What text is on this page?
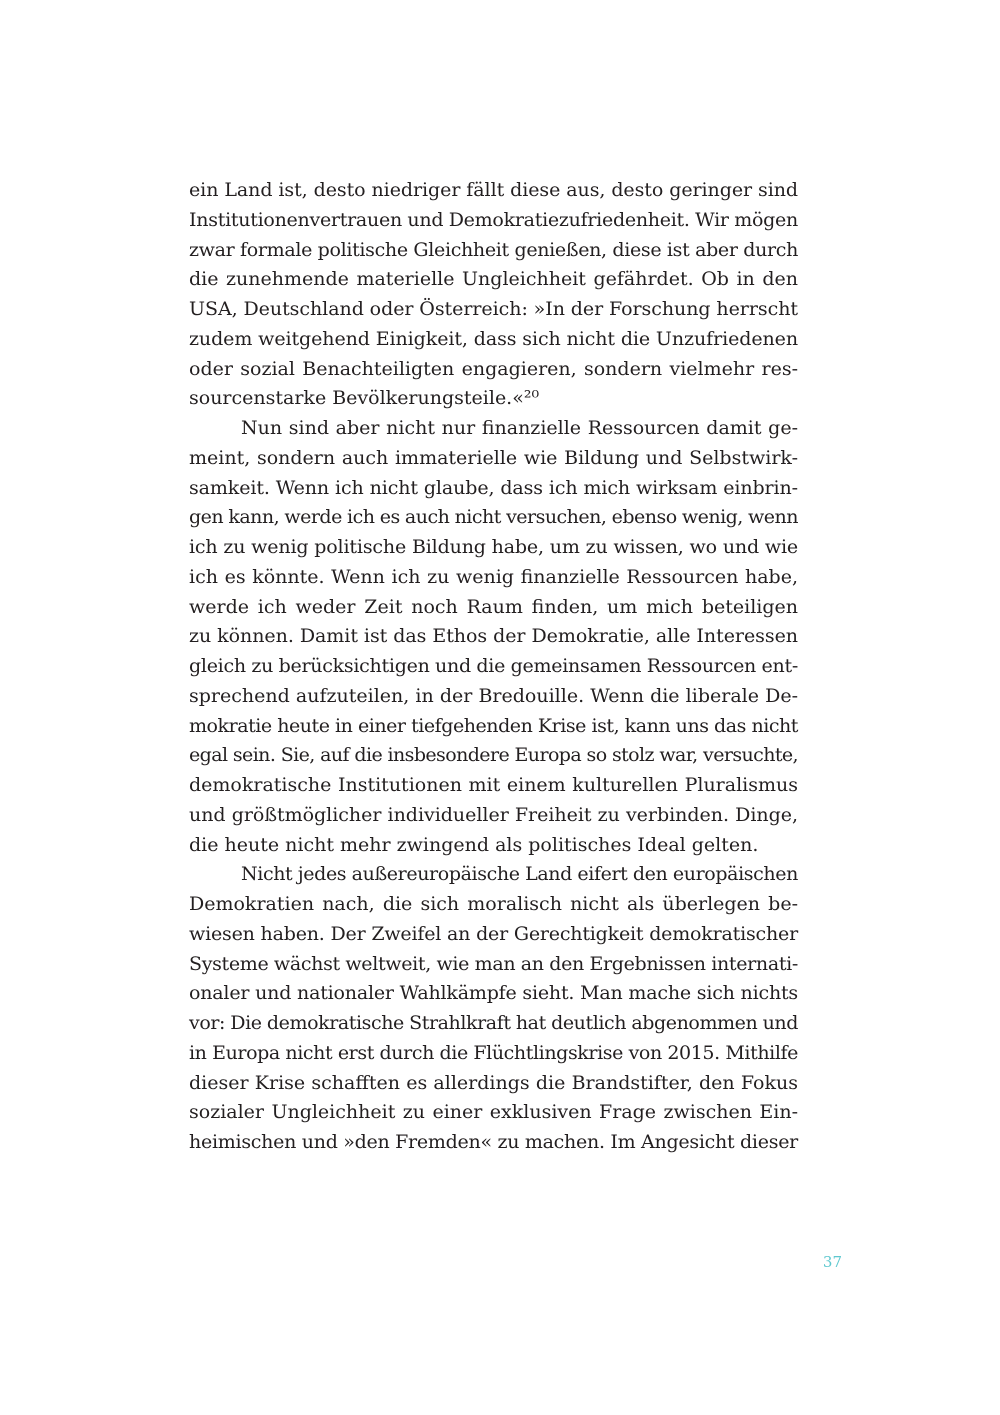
ein Land ist, desto niedriger fällt diese aus, desto geringer sind
Institutionenvertrauen und Demokratiezufriedenheit. Wir mögen
zwar formale politische Gleichheit genießen, diese ist aber durch
die zunehmende materielle Ungleichheit gefährdet. Ob in den
USA, Deutschland oder Österreich: »In der Forschung herrscht
zudem weitgehend Einigkeit, dass sich nicht die Unzufriedenen
oder sozial Benachteiligten engagieren, sondern vielmehr res-
sourcenstarke Bevölkerungsteile.«²⁰
Nun sind aber nicht nur finanzielle Ressourcen damit ge-
meint, sondern auch immaterielle wie Bildung und Selbstwirk-
samkeit. Wenn ich nicht glaube, dass ich mich wirksam einbrin-
gen kann, werde ich es auch nicht versuchen, ebenso wenig, wenn
ich zu wenig politische Bildung habe, um zu wissen, wo und wie
ich es könnte. Wenn ich zu wenig finanzielle Ressourcen habe,
werde ich weder Zeit noch Raum finden, um mich beteiligen
zu können. Damit ist das Ethos der Demokratie, alle Interessen
gleich zu berücksichtigen und die gemeinsamen Ressourcen ent-
sprechend aufzuteilen, in der Bredouille. Wenn die liberale De-
mokratie heute in einer tiefgehenden Krise ist, kann uns das nicht
egal sein. Sie, auf die insbesondere Europa so stolz war, versuchte,
demokratische Institutionen mit einem kulturellen Pluralismus
und größtmöglicher individueller Freiheit zu verbinden. Dinge,
die heute nicht mehr zwingend als politisches Ideal gelten.
Nicht jedes außereuropäische Land eifert den europäischen
Demokratien nach, die sich moralisch nicht als überlegen be-
wiesen haben. Der Zweifel an der Gerechtigkeit demokratischer
Systeme wächst weltweit, wie man an den Ergebnissen internati-
onaler und nationaler Wahlkämpfe sieht. Man mache sich nichts
vor: Die demokratische Strahlkraft hat deutlich abgenommen und
in Europa nicht erst durch die Flüchtlingskrise von 2015. Mithilfe
dieser Krise schafften es allerdings die Brandstifter, den Fokus
sozialer Ungleichheit zu einer exklusiven Frage zwischen Ein-
heimischen und »den Fremden« zu machen. Im Angesicht dieser
37
